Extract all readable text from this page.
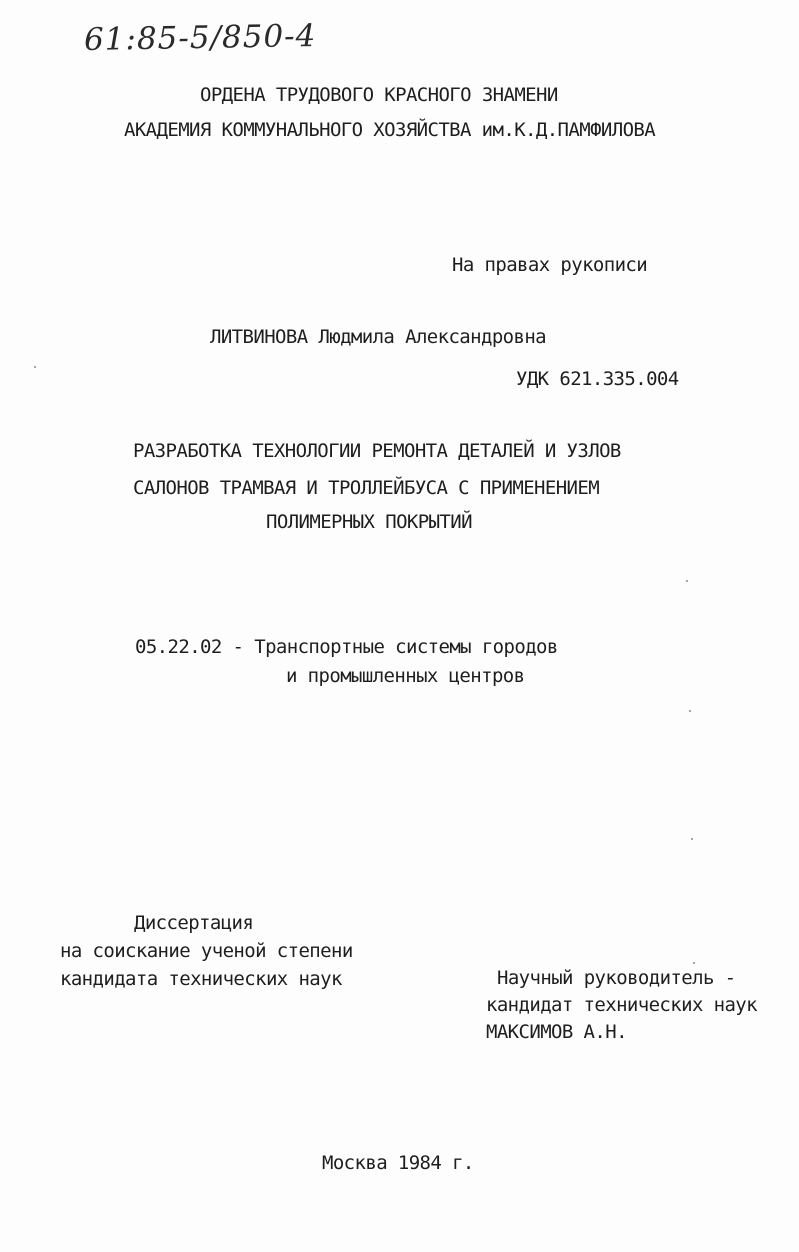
61:85-5/850-4
ОРДЕНА ТРУДОВОГО КРАСНОГО ЗНАМЕНИ
АКАДЕМИЯ КОММУНАЛЬНОГО ХОЗЯЙСТВА им.К.Д.ПАМФИЛОВА
На правах рукописи
ЛИТВИНОВА Людмила Александровна
УДК 621.335.004
РАЗРАБОТКА ТЕХНОЛОГИИ РЕМОНТА ДЕТАЛЕЙ И УЗЛОВ
САЛОНОВ ТРАМВАЯ И ТРОЛЛЕЙБУСА С ПРИМЕНЕНИЕМ
ПОЛИМЕРНЫХ ПОКРЫТИЙ
05.22.02 - Транспортные системы городов
и промышленных центров
Диссертация
на соискание ученой степени
кандидата технических наук	Научный руководитель -
кандидат технических наук
МАКСИМОВ А.Н.
Москва 1984 г.
